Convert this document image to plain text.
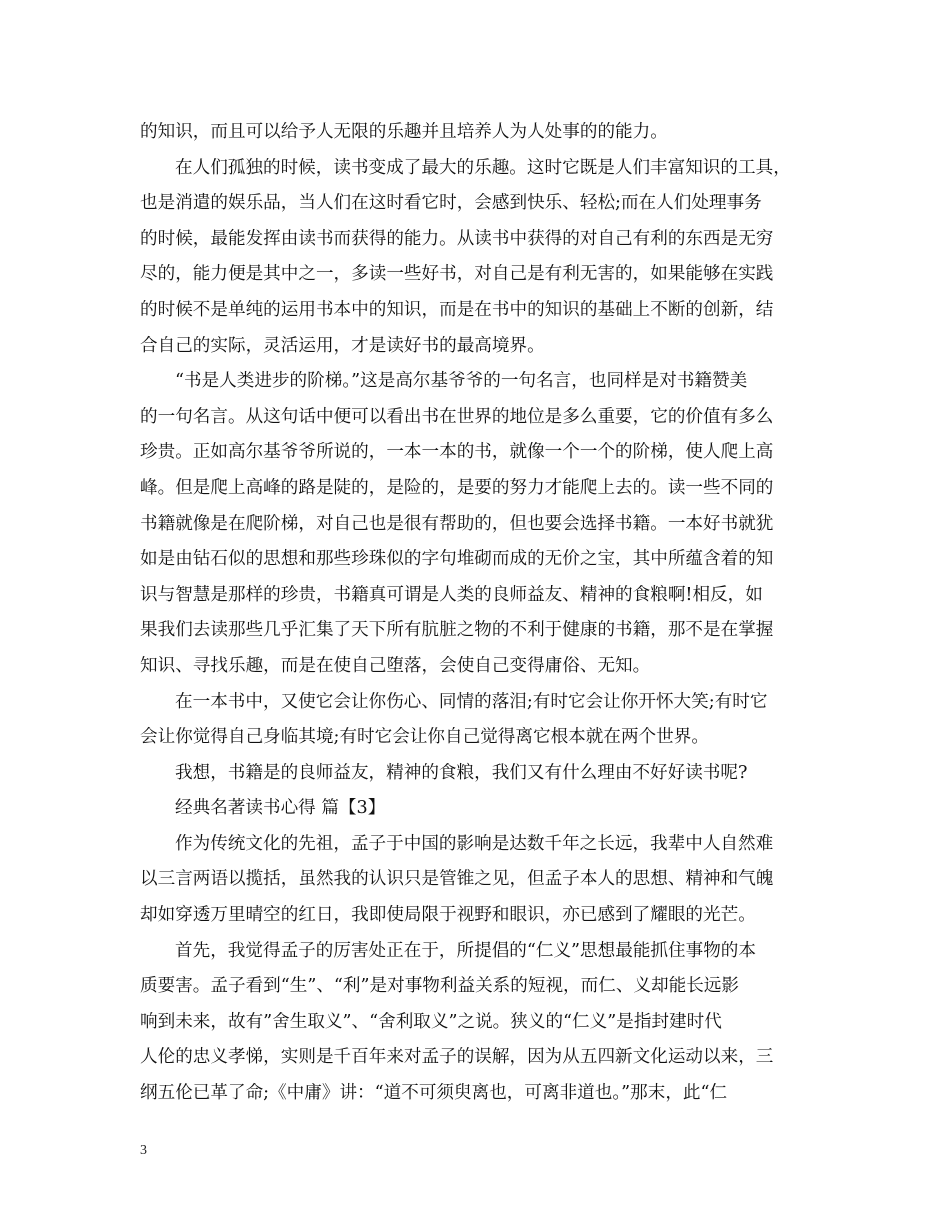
的知识，而且可以给予人无限的乐趣并且培养人为人处事的的能力。
在人们孤独的时候，读书变成了最大的乐趣。这时它既是人们丰富知识的工具，
也是消遣的娱乐品，当人们在这时看它时，会感到快乐、轻松;而在人们处理事务
的时候，最能发挥由读书而获得的能力。从读书中获得的对自己有利的东西是无穷
尽的，能力便是其中之一，多读一些好书，对自己是有利无害的，如果能够在实践
的时候不是单纯的运用书本中的知识，而是在书中的知识的基础上不断的创新，结
合自己的实际，灵活运用，才是读好书的最高境界。
“书是人类进步的阶梯。”这是高尔基爷爷的一句名言，也同样是对书籍赞美
的一句名言。从这句话中便可以看出书在世界的地位是多么重要，它的价值有多么
珍贵。正如高尔基爷爷所说的，一本一本的书，就像一个一个的阶梯，使人爬上高
峰。但是爬上高峰的路是陡的，是险的，是要的努力才能爬上去的。读一些不同的
书籍就像是在爬阶梯，对自己也是很有帮助的，但也要会选择书籍。一本好书就犹
如是由钻石似的思想和那些珍珠似的字句堆砌而成的无价之宝，其中所蕴含着的知
识与智慧是那样的珍贵，书籍真可谓是人类的良师益友、精神的食粮啊!相反，如
果我们去读那些几乎汇集了天下所有肮脏之物的不利于健康的书籍，那不是在掌握
知识、寻找乐趣，而是在使自己堕落，会使自己变得庸俗、无知。
在一本书中，又使它会让你伤心、同情的落泪;有时它会让你开怀大笑;有时它
会让你觉得自己身临其境;有时它会让你自己觉得离它根本就在两个世界。
我想，书籍是的良师益友，精神的食粮，我们又有什么理由不好好读书呢?
经典名著读书心得 篇【3】
作为传统文化的先祖，孟子于中国的影响是达数千年之长远，我辈中人自然难
以三言两语以揽括，虽然我的认识只是管锥之见，但孟子本人的思想、精神和气魄
却如穿透万里晴空的红日，我即使局限于视野和眼识，亦已感到了耀眼的光芒。
首先，我觉得孟子的厉害处正在于，所提倡的“仁义”思想最能抓住事物的本
质要害。孟子看到“生”、“利”是对事物利益关系的短视，而仁、义却能长远影
响到未来，故有”舍生取义”、“舍利取义”之说。狭义的“仁义”是指封建时代
人伦的忠义孝悌，实则是千百年来对孟子的误解，因为从五四新文化运动以来，三
纲五伦已革了命;《中庸》讲：“道不可须臾离也，可离非道也。”那末，此“仁
3
